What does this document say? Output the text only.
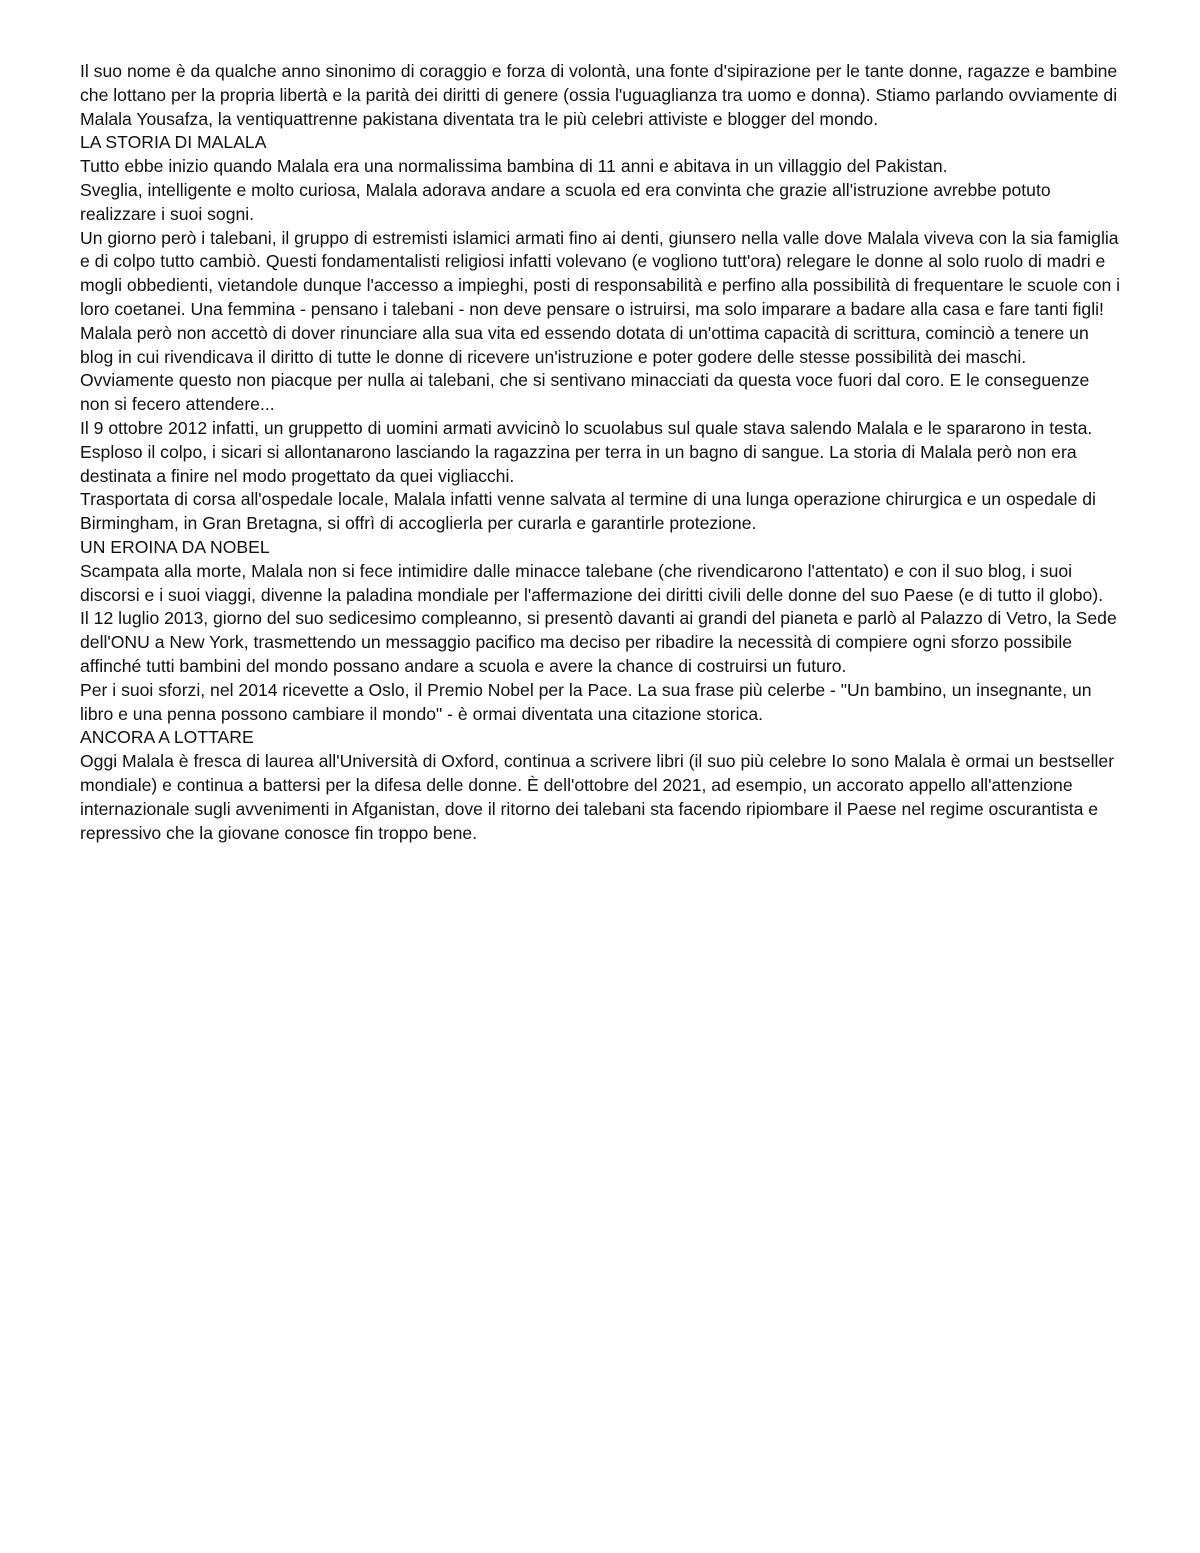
Il suo nome è da qualche anno sinonimo di coraggio e forza di volontà, una fonte d'sipirazione per le tante donne, ragazze e bambine che lottano per la propria libertà e la parità dei diritti di genere (ossia l'uguaglianza tra uomo e donna). Stiamo parlando ovviamente di Malala Yousafza, la ventiquattrenne pakistana diventata tra le più celebri attiviste e blogger del mondo.

LA STORIA DI MALALA

Tutto ebbe inizio quando Malala era una normalissima bambina di 11 anni e abitava in un villaggio del Pakistan.

Sveglia, intelligente e molto curiosa, Malala adorava andare a scuola ed era convinta che grazie all'istruzione avrebbe potuto realizzare i suoi sogni.

Un giorno però i talebani, il gruppo di estremisti islamici armati fino ai denti, giunsero nella valle dove Malala viveva con la sia famiglia e di colpo tutto cambiò. Questi fondamentalisti religiosi infatti volevano (e vogliono tutt'ora) relegare le donne al solo ruolo di madri e mogli obbedienti, vietandole dunque l'accesso a impieghi, posti di responsabilità e perfino alla possibilità di frequentare le scuole con i loro coetanei. Una femmina - pensano i talebani - non deve pensare o istruirsi, ma solo imparare a badare alla casa e fare tanti figli!

Malala però non accettò di dover rinunciare alla sua vita ed essendo dotata di un'ottima capacità di scrittura, cominciò a tenere un blog in cui rivendicava il diritto di tutte le donne di ricevere un'istruzione e poter godere delle stesse possibilità dei maschi. Ovviamente questo non piacque per nulla ai talebani, che si sentivano minacciati da questa voce fuori dal coro. E le conseguenze non si fecero attendere...

Il 9 ottobre 2012 infatti, un gruppetto di uomini armati avvicinò lo scuolabus sul quale stava salendo Malala e le spararono in testa. Esploso il colpo, i sicari si allontanarono lasciando la ragazzina per terra in un bagno di sangue. La storia di Malala però non era destinata a finire nel modo progettato da quei vigliacchi.

Trasportata di corsa all'ospedale locale, Malala infatti venne salvata al termine di una lunga operazione chirurgica e un ospedale di Birmingham, in Gran Bretagna, si offrì di accoglierla per curarla e garantirle protezione.

UN EROINA DA NOBEL

Scampata alla morte, Malala non si fece intimidire dalle minacce talebane (che rivendicarono l'attentato) e con il suo blog, i suoi discorsi e i suoi viaggi, divenne la paladina mondiale per l'affermazione dei diritti civili delle donne del suo Paese (e di tutto il globo).

Il 12 luglio 2013, giorno del suo sedicesimo compleanno, si presentò davanti ai grandi del pianeta e parlò al Palazzo di Vetro, la Sede dell'ONU a New York, trasmettendo un messaggio pacifico ma deciso per ribadire la necessità di compiere ogni sforzo possibile affinché tutti bambini del mondo possano andare a scuola e avere la chance di costruirsi un futuro.

Per i suoi sforzi, nel 2014 ricevette a Oslo, il Premio Nobel per la Pace. La sua frase più celerbe - "Un bambino, un insegnante, un libro e una penna possono cambiare il mondo" - è ormai diventata una citazione storica.

ANCORA A LOTTARE

Oggi Malala è fresca di laurea all'Università di Oxford, continua a scrivere libri (il suo più celebre Io sono Malala è ormai un bestseller mondiale) e continua a battersi per la difesa delle donne. È dell'ottobre del 2021, ad esempio, un accorato appello all'attenzione internazionale sugli avvenimenti in Afganistan, dove il ritorno dei talebani sta facendo ripiombare il Paese nel regime oscurantista e repressivo che la giovane conosce fin troppo bene.
